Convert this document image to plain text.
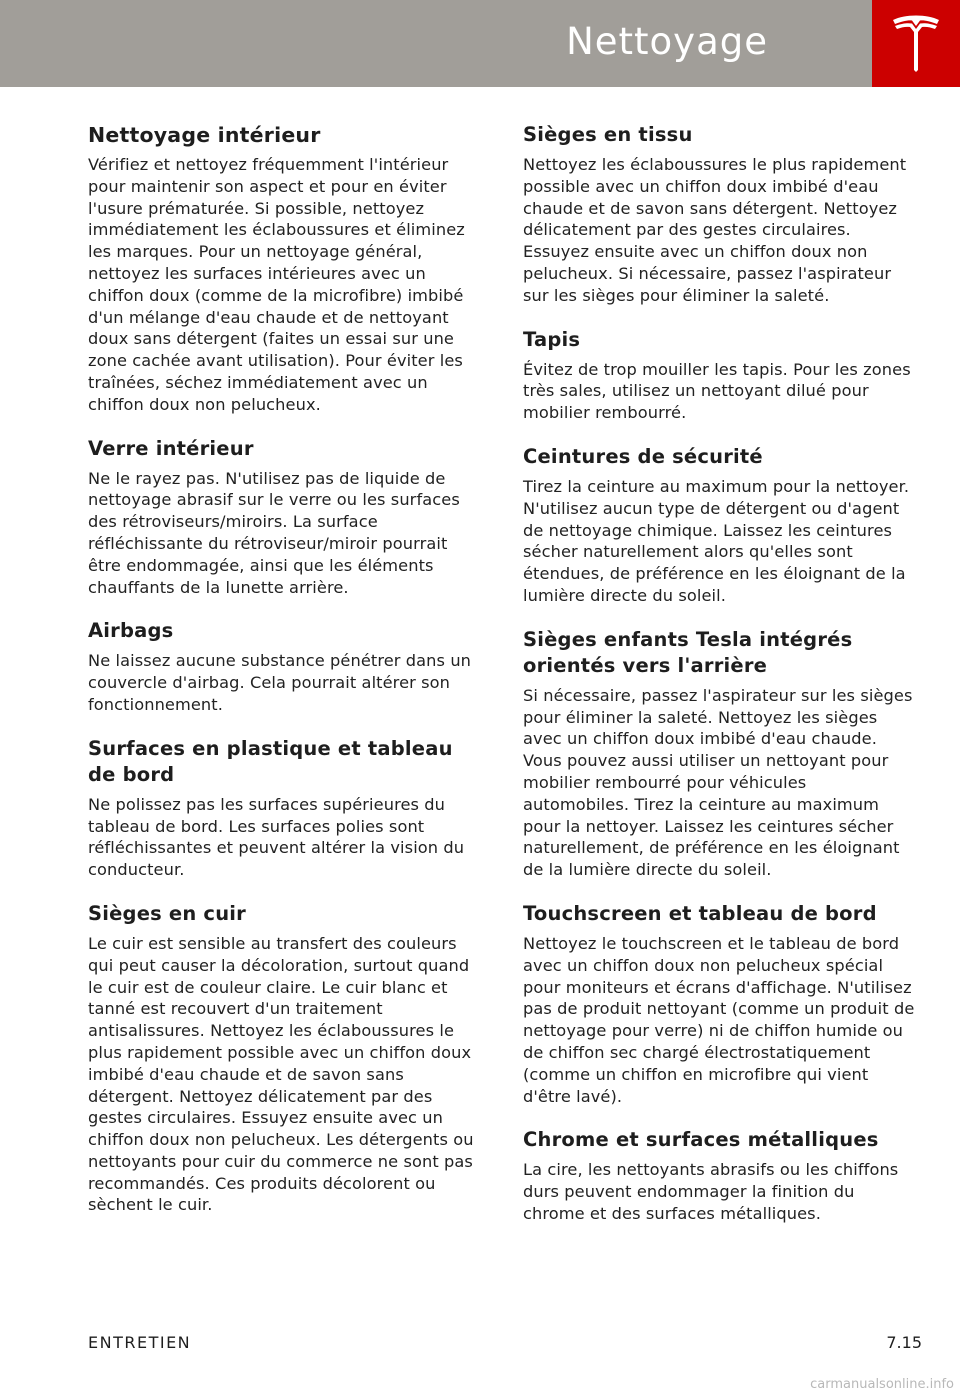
Nettoyage
Nettoyage intérieur

Vérifiez et nettoyez fréquemment l'intérieur pour maintenir son aspect et pour en éviter l'usure prématurée. Si possible, nettoyez immédiatement les éclaboussures et éliminez les marques. Pour un nettoyage général, nettoyez les surfaces intérieures avec un chiffon doux (comme de la microfibre) imbibé d'un mélange d'eau chaude et de nettoyant doux sans détergent (faites un essai sur une zone cachée avant utilisation). Pour éviter les traînées, séchez immédiatement avec un chiffon doux non pelucheux.

Verre intérieur

Ne le rayez pas. N'utilisez pas de liquide de nettoyage abrasif sur le verre ou les surfaces des rétroviseurs/miroirs. La surface réfléchissante du rétroviseur/miroir pourrait être endommagée, ainsi que les éléments chauffants de la lunette arrière.

Airbags

Ne laissez aucune substance pénétrer dans un couvercle d'airbag. Cela pourrait altérer son fonctionnement.

Surfaces en plastique et tableau de bord

Ne polissez pas les surfaces supérieures du tableau de bord. Les surfaces polies sont réfléchissantes et peuvent altérer la vision du conducteur.

Sièges en cuir

Le cuir est sensible au transfert des couleurs qui peut causer la décoloration, surtout quand le cuir est de couleur claire. Le cuir blanc et tanné est recouvert d'un traitement antisalissures. Nettoyez les éclaboussures le plus rapidement possible avec un chiffon doux imbibé d'eau chaude et de savon sans détergent. Nettoyez délicatement par des gestes circulaires. Essuyez ensuite avec un chiffon doux non pelucheux. Les détergents ou nettoyants pour cuir du commerce ne sont pas recommandés. Ces produits décolorent ou sèchent le cuir.

Sièges en tissu

Nettoyez les éclaboussures le plus rapidement possible avec un chiffon doux imbibé d'eau chaude et de savon sans détergent. Nettoyez délicatement par des gestes circulaires. Essuyez ensuite avec un chiffon doux non pelucheux. Si nécessaire, passez l'aspirateur sur les sièges pour éliminer la saleté.

Tapis

Évitez de trop mouiller les tapis. Pour les zones très sales, utilisez un nettoyant dilué pour mobilier rembourré.

Ceintures de sécurité

Tirez la ceinture au maximum pour la nettoyer. N'utilisez aucun type de détergent ou d'agent de nettoyage chimique. Laissez les ceintures sécher naturellement alors qu'elles sont étendues, de préférence en les éloignant de la lumière directe du soleil.

Sièges enfants Tesla intégrés orientés vers l'arrière

Si nécessaire, passez l'aspirateur sur les sièges pour éliminer la saleté. Nettoyez les sièges avec un chiffon doux imbibé d'eau chaude. Vous pouvez aussi utiliser un nettoyant pour mobilier rembourré pour véhicules automobiles. Tirez la ceinture au maximum pour la nettoyer. Laissez les ceintures sécher naturellement, de préférence en les éloignant de la lumière directe du soleil.

Touchscreen et tableau de bord

Nettoyez le touchscreen et le tableau de bord avec un chiffon doux non pelucheux spécial pour moniteurs et écrans d'affichage. N'utilisez pas de produit nettoyant (comme un produit de nettoyage pour verre) ni de chiffon humide ou de chiffon sec chargé électrostatiquement (comme un chiffon en microfibre qui vient d'être lavé).

Chrome et surfaces métalliques

La cire, les nettoyants abrasifs ou les chiffons durs peuvent endommager la finition du chrome et des surfaces métalliques.

ENTRETIEN	7.15
carmanualsonline.info
